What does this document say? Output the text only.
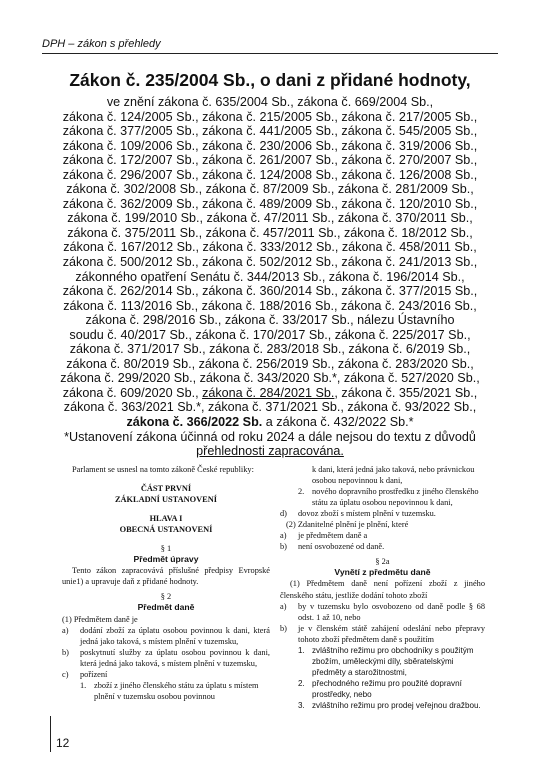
DPH – zákon s přehledy
Zákon č. 235/2004 Sb., o dani z přidané hodnoty,
ve znění zákona č. 635/2004 Sb., zákona č. 669/2004 Sb.,
zákona č. 124/2005 Sb., zákona č. 215/2005 Sb., zákona č. 217/2005 Sb.,
zákona č. 377/2005 Sb., zákona č. 441/2005 Sb., zákona č. 545/2005 Sb.,
zákona č. 109/2006 Sb., zákona č. 230/2006 Sb., zákona č. 319/2006 Sb.,
zákona č. 172/2007 Sb., zákona č. 261/2007 Sb., zákona č. 270/2007 Sb.,
zákona č. 296/2007 Sb., zákona č. 124/2008 Sb., zákona č. 126/2008 Sb.,
zákona č. 302/2008 Sb., zákona č. 87/2009 Sb., zákona č. 281/2009 Sb.,
zákona č. 362/2009 Sb., zákona č. 489/2009 Sb., zákona č. 120/2010 Sb.,
zákona č. 199/2010 Sb., zákona č. 47/2011 Sb., zákona č. 370/2011 Sb.,
zákona č. 375/2011 Sb., zákona č. 457/2011 Sb., zákona č. 18/2012 Sb.,
zákona č. 167/2012 Sb., zákona č. 333/2012 Sb., zákona č. 458/2011 Sb.,
zákona č. 500/2012 Sb., zákona č. 502/2012 Sb., zákona č. 241/2013 Sb.,
zákonného opatření Senátu č. 344/2013 Sb., zákona č. 196/2014 Sb.,
zákona č. 262/2014 Sb., zákona č. 360/2014 Sb., zákona č. 377/2015 Sb.,
zákona č. 113/2016 Sb., zákona č. 188/2016 Sb., zákona č. 243/2016 Sb.,
zákona č. 298/2016 Sb., zákona č. 33/2017 Sb., nálezu Ústavního
soudu č. 40/2017 Sb., zákona č. 170/2017 Sb., zákona č. 225/2017 Sb.,
zákona č. 371/2017 Sb., zákona č. 283/2018 Sb., zákona č. 6/2019 Sb.,
zákona č. 80/2019 Sb., zákona č. 256/2019 Sb., zákona č. 283/2020 Sb.,
zákona č. 299/2020 Sb., zákona č. 343/2020 Sb.*, zákona č. 527/2020 Sb.,
zákona č. 609/2020 Sb., zákona č. 284/2021 Sb., zákona č. 355/2021 Sb.,
zákona č. 363/2021 Sb.*, zákona č. 371/2021 Sb., zákona č. 93/2022 Sb.,
zákona č. 366/2022 Sb. a zákona č. 432/2022 Sb.*
*Ustanovení zákona účinná od roku 2024 a dále nejsou do textu z důvodů
přehlednosti zapracována.

Parlament se usnesl na tomto zákoně České republiky:

ČÁST PRVNÍ

ZÁKLADNÍ USTANOVENÍ

HLAVA I

OBECNÁ USTANOVENÍ

§ 1

Předmět úpravy

Tento zákon zapracovává příslušné předpisy Evropské unie1) a upravuje daň z přidané hodnoty.

§ 2

Předmět daně

(1) Předmětem daně je

a)	dodání zboží za úplatu osobou povinnou k dani, která jedná jako taková, s místem plnění v tuzemsku,
b)	poskytnutí služby za úplatu osobou povinnou k dani, která jedná jako taková, s místem plnění v tuzemsku,
c)	pořízení
1. zboží z jiného členského státu za úplatu s místem plnění v tuzemsku osobou povinnou

k dani, která jedná jako taková, nebo právnickou osobou nepovinnou k dani,

2. nového dopravního prostředku z jiného členského státu za úplatu osobou nepovinnou k dani,
d)	dovoz zboží s místem plnění v tuzemsku.

(2) Zdanitelné plnění je plnění, které

a)	je předmětem daně a
b)	není osvobozené od daně.

§ 2a

Vynětí z předmětu daně

(1) Předmětem daně není pořízení zboží z jiného členského státu, jestliže dodání tohoto zboží

a)	by v tuzemsku bylo osvobozeno od daně podle § 68 odst. 1 až 10, nebo
b)	je v členském státě zahájení odeslání nebo přepravy tohoto zboží předmětem daně s použitím
1. zvláštního režimu pro obchodníky s použitým zbožím, uměleckými díly, sběratelskými předměty a starožitnostmi,
2. přechodného režimu pro použité dopravní prostředky, nebo
3. zvláštního režimu pro prodej veřejnou dražbou.
12
